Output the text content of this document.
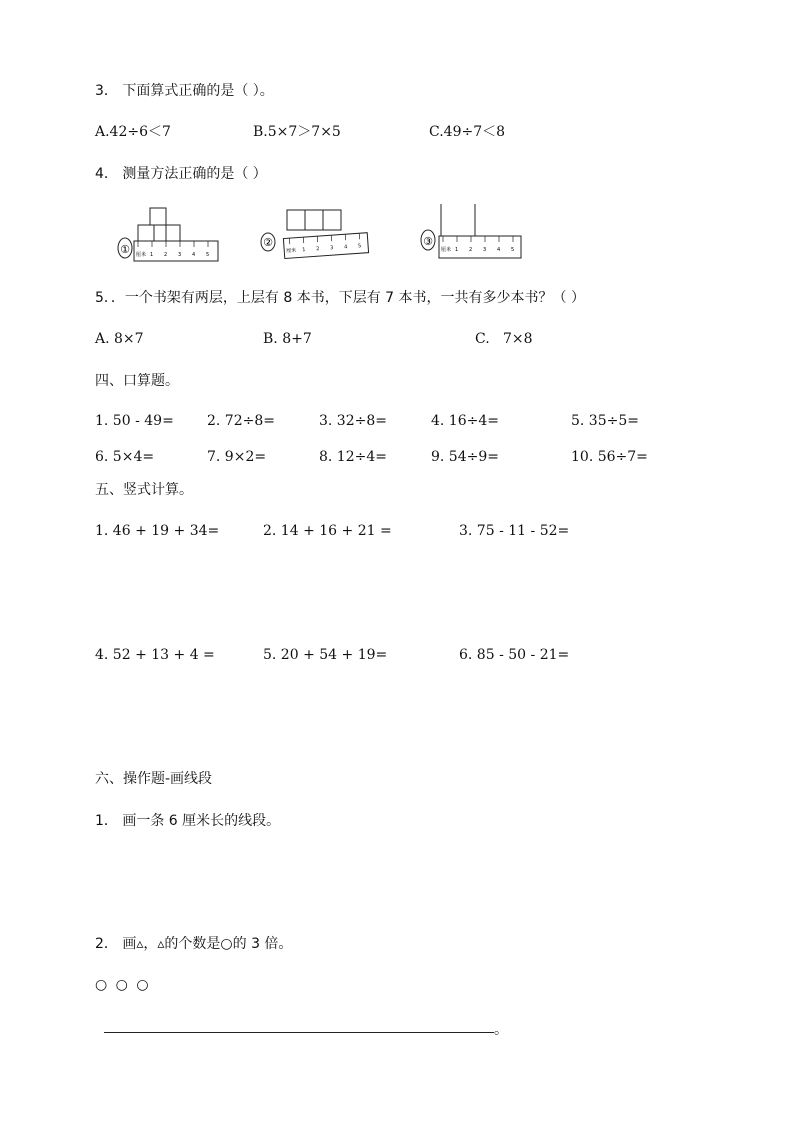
3． 下面算式正确的是（ ）。
A.42÷6＜7	B.5×7＞7×5	C.49÷7＜8
4． 测量方法正确的是（ ）
① 厘米 1 2 3 4 5
②
厘米 1 2 3 4 5	③
厘米 1 2 3 4 5
5．．一个书架有两层，上层有 8 本书，下层有 7 本书，一共有多少本书？（ ）
A. 8×7	B. 8+7	C.   7×8
四、口算题。
1. 50 - 49= 2. 72÷8=	3. 32÷8=	4. 16÷4=	5. 35÷5=
6. 5×4=	7. 9×2=	8. 12÷4=	9. 54÷9=	10. 56÷7=
五、竖式计算。
1. 46 + 19 + 34=	2. 14 + 16 + 21 =	3. 75 - 11 - 52=
4. 52 + 13 + 4 =	5. 20 + 54 + 19=	6. 85 - 50 - 21=
六、操作题-画线段
1． 画一条 6 厘米长的线段。
2． 画▵，▵的个数是○的 3 倍。
○ ○ ○
。
